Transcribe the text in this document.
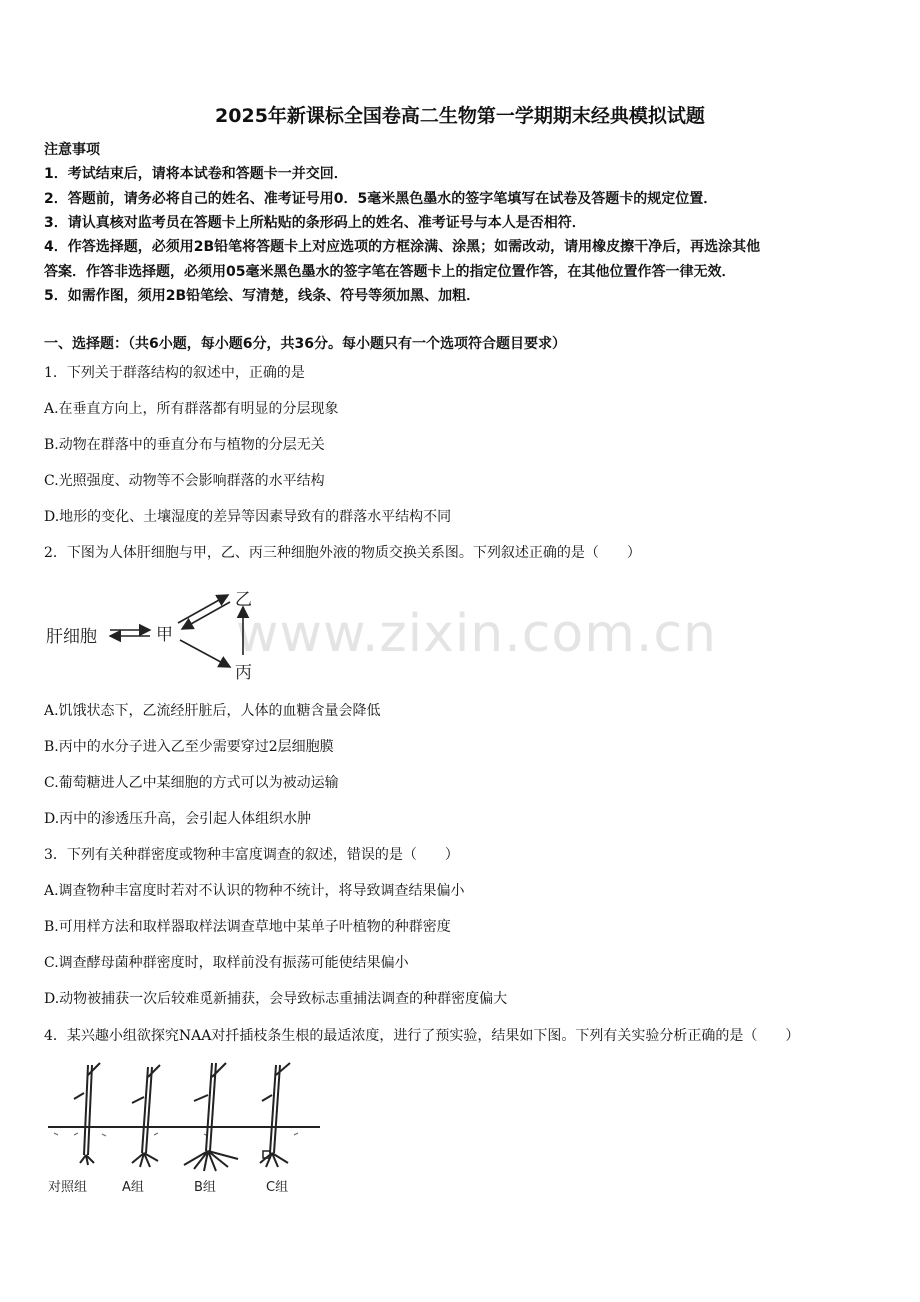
2025年新课标全国卷高二生物第一学期期末经典模拟试题
注意事项
1．考试结束后，请将本试卷和答题卡一并交回．
2．答题前，请务必将自己的姓名、准考证号用0．5毫米黑色墨水的签字笔填写在试卷及答题卡的规定位置．
3．请认真核对监考员在答题卡上所粘贴的条形码上的姓名、准考证号与本人是否相符．
4．作答选择题，必须用2B铅笔将答题卡上对应选项的方框涂满、涂黑；如需改动，请用橡皮擦干净后，再选涂其他
答案．作答非选择题，必须用05毫米黑色墨水的签字笔在答题卡上的指定位置作答，在其他位置作答一律无效．
5．如需作图，须用2B铅笔绘、写清楚，线条、符号等须加黑、加粗．
一、选择题：（共6小题，每小题6分，共36分。每小题只有一个选项符合题目要求）
1．下列关于群落结构的叙述中，正确的是
A.在垂直方向上，所有群落都有明显的分层现象
B.动物在群落中的垂直分布与植物的分层无关
C.光照强度、动物等不会影响群落的水平结构
D.地形的变化、土壤湿度的差异等因素导致有的群落水平结构不同
2．下图为人体肝细胞与甲，乙、丙三种细胞外液的物质交换关系图。下列叙述正确的是（　　）
www.zixin.com.cn
肝细胞	甲
乙
丙
A.饥饿状态下，乙流经肝脏后，人体的血糖含量会降低
B.丙中的水分子进入乙至少需要穿过2层细胞膜
C.葡萄糖进人乙中某细胞的方式可以为被动运输
D.丙中的渗透压升高，会引起人体组织水肿
3．下列有关种群密度或物种丰富度调查的叙述，错误的是（　　）
A.调查物种丰富度时若对不认识的物种不统计，将导致调查结果偏小
B.可用样方法和取样器取样法调查草地中某单子叶植物的种群密度
C.调查酵母菌种群密度时，取样前没有振荡可能使结果偏小
D.动物被捕获一次后较难觅新捕获，会导致标志重捕法调查的种群密度偏大
4．某兴趣小组欲探究NAA对扦插枝条生根的最适浓度，进行了预实验，结果如下图。下列有关实验分析正确的是（　　）
对照组	A组	B组	C组
